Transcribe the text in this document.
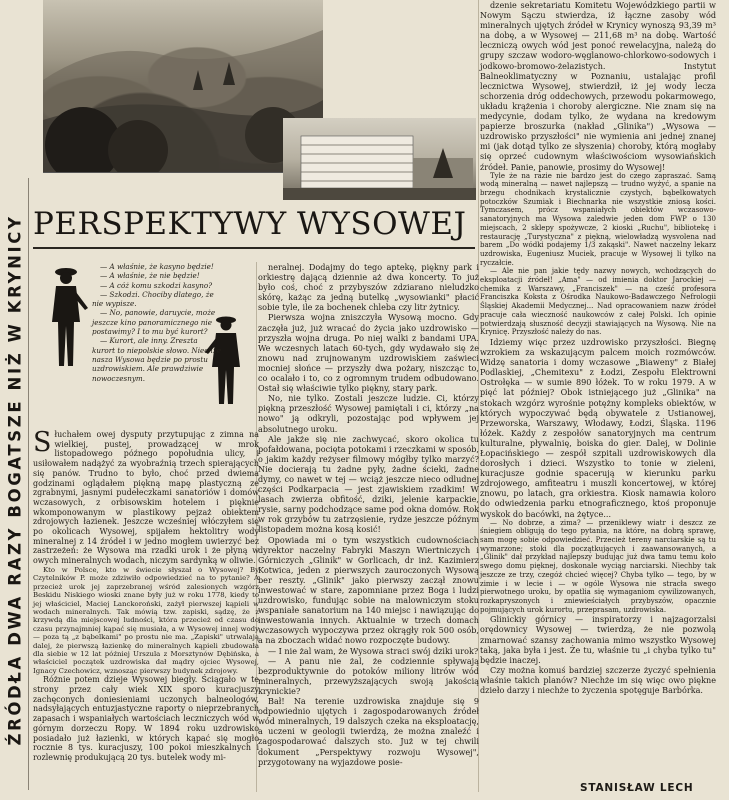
ŹRÓDŁA DWA RAZY BOGATSZE NIŻ W KRYNICY PERSPEKTYWY WYSOWEJ

— A właśnie, że kasyno będzie!

— A właśnie, że nie będzie!

— A cóż komu szkodzi kasyno?

— Szkodzi. Chociby dlatego, że nie wypisze.

— No, panowie, daruycie, może jeszcze kino panoramicznego nie postawimy? I to mu być kurort?

— Kurort, ale inny. Zreszta kurort to niepolskie słowo. Niechże nasza Wysowa będzie po prostu uzdrowiskiem. Ale prawdziwie nowoczesnym.

Słuchałem owej dysputy przytupując z zimna na wielkiej, pustej, prowadzącej w mrok listopadowego późnego popołudnia ulicy, i usiłowałem nadążyć za wyobraźnią trzech spierających się panów. Trudno to było, choć przed dwiema godzinami oglądałem piękną mapę plastyczną ze zgrabnymi, jasnymi pudełeczkami sanatoriów i domów wczasowych, z orbisowskim hotelem i pięknie wkomponowanym w plastikowy pejzaż obiektem zdrojowych łazienek. Jeszcze wcześniej włóczyłem się po okolicach Wysowej, spijałem hektolitry wody mineralnej z 14 źródeł i w jedno mogłem uwierzyć bez zastrzeżeń: że Wysowa ma rzadki urok i że płyną w owych mineralnych wodach, niczym sardynką w oliwie.

Kto w Polsce, kto w świecie słyszał o Wysowej? By Czytelników P. może zdziwiło odpowiedzieć na to pytanie? A przecież urok jej zaprzebranej wśród zalesionych wzgórz Beskidu Niskiego wioski znane były już w roku 1778, kiedy to jej właściciel, Maciej Lanckoroński, zażył pierwszej kąpieli w wodach mineralnych. Tak mówią tzw. zapiski, sądzę, że z krzywdą dla miejscowej ludności, która przecież od czasu do czasu przynajmniej kąpać się musiała, a w Wysowej innej wody — poza tą „z bąbelkami" po prostu nie ma. „Zapiski" utrwalają dalej, że pierwszą łazienkę do mineralnych kąpieli zbudowała dla siebie w 12 lat później Urszula z Morsztynów Dębińska, a właściciel początek uzdrowiska dał mądry ojciec Wysowej, Ignacy Czechowicz, wznosząc pierwszy budynek zdrojowy.

Różnie potem dzieje Wysowej biegły. Ściągało w te strony przez cały wiek XIX sporo kuracjuszy zachęconych doniesieniami uczonych balneologów, nadsyłających entuzjastyczne raporty o nieprzebranych zapasach i wspaniałych wartościach leczniczych wód w górnym dorzeczu Ropy. W 1894 roku uzdrowisko posiadało już łazienki, w których kąpać się mogło rocznie 8 tys. kuracjuszy, 100 pokoi mieszkalnych i rozlewnię produkującą 20 tys. butelek wody mi-

neralnej. Dodajmy do tego aptekę, piękny park i orkiestrę dającą dziennie aż dwa koncerty. To już było coś, choć z przybyszów zdziarano nieludzko skórę, każąc za jedną butelkę „wysowianki" płacić sobie tyle, ile za bochenek chleba czy litr żytnicy.

Pierwsza wojna zniszczyła Wysową mocno. Gdy zaczęła już, już wracać do życia jako uzdrowisko — przyszła wojna druga. Po niej walki z bandami UPA. We wczesnych latach 60-tych, gdy wydawało się że znowu nad zrujnowanym uzdrowiskiem zaświeci mocniej słońce — przyszły dwa pożary, niszcząc to, co ocalało i to, co z ogromnym trudem odbudowano. Ostał się właściwie tylko piękny, stary park.

No, nie tylko. Zostali jeszcze ludzie. Ci, którzy piękną przeszłość Wysowej pamiętali i ci, którzy „na nowo" ją odkryli, pozostając pod wpływem jej absolutnego uroku.

Ale jakże się nie zachwycać, skoro okolica tu pofałdowana, pocięta potokami i rzeczkami w sposób, o jakim każdy reżyser filmowy mógłby tylko marzyć? Nie docierają tu żadne pyły, żadne ścieki, żadne dymy, co nawet w tej — wciąż jeszcze nieco odludnej części Podkarpacia — jest zjawiskiem rzadkim! W lasach zwierza obfitość, dziki, jelenie karpackie, rysie, sarny podchodzące same pod okna domów. Rok w rok grzybów tu zatrzęsienie, rydze jeszcze późnym listopadem można kosą kosić!

Opowiada mi o tym wszystkich cudownościach dyrektor naczelny Fabryki Maszyn Wiertniczych i Górniczych „Glinik" w Gorlicach, dr inż. Kazimierz Kotwica, jeden z pierwszych zauroczonych Wysową ber reszty. „Glinik" jako pierwszy zaczął znowu inwestować w stare, zapomniane przez Boga i ludzi uzdrowisko, fundując sobie na malowniczym stoku wspaniałe sanatorium na 140 miejsc i nawiązując do inwestowania innych. Aktualnie w trzech domach wczasowych wypoczywa przez okrągły rok 500 osób, a na zboczach widać nowo rozpoczęte budowy.

— I nie żal wam, że Wysowa straci swój dziki urok?

— A panu nie żal, że codziennie spływają bezproduktywnie do potoków miliony litrów wód mineralnych, przewyższających swoją jakością krynickie?

Bał! Na terenie uzdrowiska znajduje się 9 odpowiednio ujętych i zagospodarowanych źródeł wód mineralnych, 19 dalszych czeka na eksploatację, a uczeni w geologii twierdzą, że można znaleźć i zagospodarować dalszych sto. Już w tej chwili dokument „Perspektywy rozwoju Wysowej", przygotowany na wyjazdowe posie-

dzenie sekretariatu Komitetu Wojewódzkiego partii w Nowym Sączu stwierdza, iż łączne zasoby wód mineralnych ujętych źródeł w Krynicy wynoszą 93,39 m³ na dobę, a w Wysowej — 211,68 m³ na dobę. Wartość leczniczą owych wód jest ponoć rewelacyjna, należą do grupy szczaw wodoro-węglanowo-chlorkowo-sodowych i jodkowo-bromowo-żelazistych. Instytut Balneoklimatyczny w Poznaniu, ustalając profil lecznictwa Wysowej, stwierdził, iż jej wody lecza schorzenia dróg oddechowych, przewodu pokarmowego, układu krążenia i choroby alergiczne. Nie znam się na medycynie, dodam tylko, że wydana na kredowym papierze broszurka (nakład „Glinika") „Wysowa — uzdrowisko przyszłości" nie wymienia ani jednej znanej mi (jak dotąd tylko ze słyszenia) choroby, którą mogłaby się oprzeć cudownym właściwościom wysowiańskich źródeł. Panie, panowie, prosimy do Wysowej!

Tyle że na razie nie bardzo jest do czego zapraszać. Samą wodą mineralną — nawet najlepszą — trudno wyżyć, a spanie na brzegu chodnikach krystalicznie czystych, bąbelkowatych potoczków Szumiak i Biechnarka nie wszystkie zniosą kości. Tymczasem, prócz wspaniałych obiektów wczasowo-sanatoryjnych ma Wysowa zaledwie jeden dom FWP o 130 miejscach, 2 sklepy spożywcze, 2 kioski „Ruchu", bibliotekę i restaurację „Turystyczna" z piękną, wielowładzą wysvolena nad barem „Do wódki podajemy 1/3 zakąski". Nawet naczelny lekarz uzdrowiska, Eugeniusz Muciek, pracuje w Wysowej li tylko na ryczałcie.

— Ale nie pan jakie tędy nazwy nowych, wchodzących do eksploatacji źródeł! „Ama" — od imienia doktor Jarockiej — chemika z Warszawy, „Franciszek" — na cześć profesora Franciszka Koksta z Ośrodka Naukowo-Badawczego Nefrologii Śląskiej Akademii Medycznej... Nad opracowaniem nazw źródeł pracuje cała wieczność naukowców z całej Polski. Ich opinie potwierdzają słuszność decyzji stawiających na Wysową. Nie na Krynicę. Przyszłość należy do nas.

Idziemy więc przez uzdrowisko przyszłości. Biegnę wzrokiem za wskazującym palcem moich rozmówców. Widzę sanatoria i domy wczasowe „Biaweny" z Białej Podlaskiej, „Chemitexu" z Łodzi, Zespołu Elektrowni Ostrołęka — w sumie 890 łóżek. To w roku 1979. A w pięć lat później? Obok istniejącego już „Glinika" na stokach wzgórz wyrośnie potężny kompleks obiektów, w których wypoczywać będą obywatele z Ustianowej, Przeworska, Warszawy, Włodawy, Łodzi, Śląska. 1196 łóżek. Każdy z zespołów sanatoryjnych ma centrum kulturalne, pływalnię, boiska do gier. Dalej, w Dolinie Łopacińskiego — zespół szpitali uzdrowiskowych dla dorosłych i dzieci. Wszystko to tonie w zieleni, kuracjusze godnie spacerują w kierunku parku zdrojowego, amfiteatru i muszli koncertowej, w której znowu, po latach, gra orkiestra. Kiosk namawia koloro do odwiedzenia parku etnograficznego, ktoś proponuje wyskok do bacówki, na żętyce...

— No dobrze, a zima? — przeniklewy wiatr i deszcz ze śniegiem obligują do tego pytania, na które, na dobrą sprawę, sam mogę sobie odpowiedzieć. Przecież tereny narciarskie są tu wymarzone; stoki dla początkujących i zaawansowanych, a „Glinik" dał przykład najlepszy budując już dwa tamu temu koło swego domu pięknej, doskonale wyciąg narciarski. Niechby tak jeszcze ze trzy, czegóż chcieć więcej? Chyba tylko — tego, by w zimie i w lecie i — w ogóle Wysowa nie stracła swego pierwotnego uroku, by opatlia się wymaganiom cywilizowanych, rozkapryszonych i zniewieściałych przybyszów, opacznie pojmujących urok kurortu, przeprasam, uzdrowiska.

Glinickiy górnicy — inspiratorzy i najzagorzalsi orędownicy Wysowej — twierdzą, że nie pozwolą zmarnować szansy zachowania mimo wszystko Wysowej taką, jaka była i jest. Że tu, właśnie tu „i chyba tylko tu" będzie inaczej.

Czy można komuś bardziej szczerze życzyć spełnienia właśnie takich planów? Niechże im się więc owo piękne dzieło darzy i niechże to życzenia spotęguje Barbórka.

STANISŁAW LECH
